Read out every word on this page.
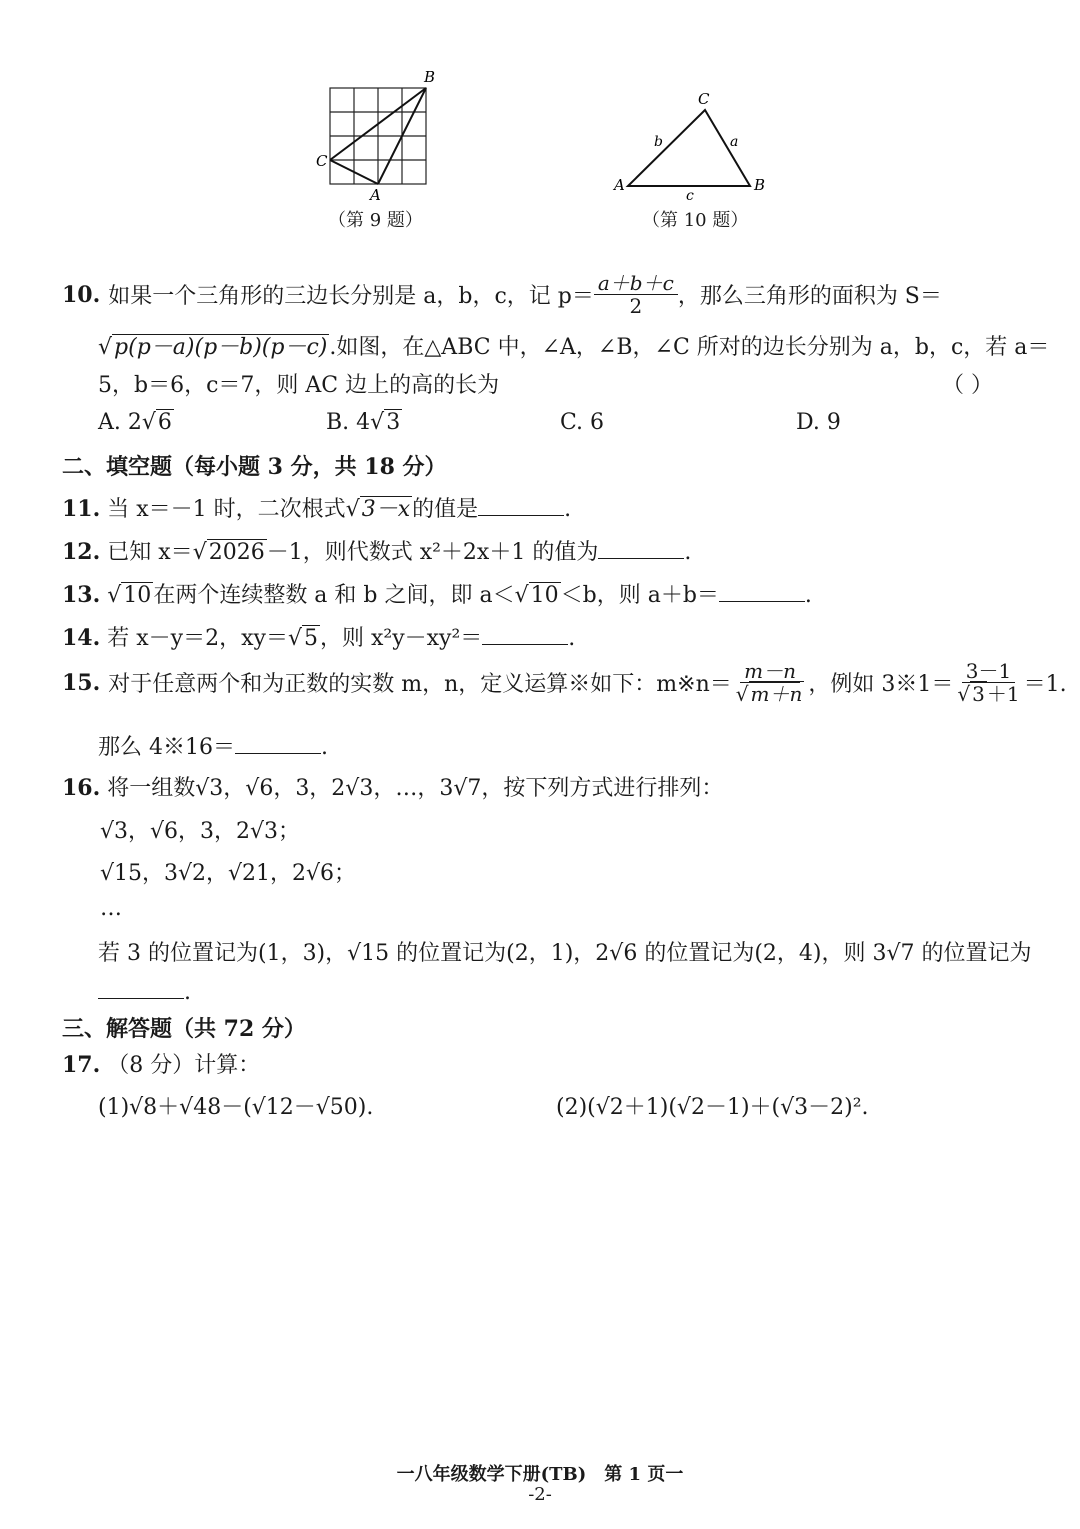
B
C
A
（第 9 题）
C
A	B
b	a
c
（第 10 题）
10. 如果一个三角形的三边长分别是 a，b，c，记 $p= \frac{a+b+c}{2}$ ，那么三角形的面积为 S＝
√p(p－a)(p－b)(p－c).如图，在△ABC 中，∠A，∠B，∠C 所对的边长分别为 a，b，c，若 a＝
5，b＝6，c＝7，则 AC 边上的高的长为	（ ）
A. 2√6	B. 4√3	C. 6	D. 9
二、填空题（每小题 3 分，共 18 分）
11. 当 x＝－1 时，二次根式√3－x的值是	.
12. 已知 x＝√2026－1，则代数式 x²＋2x＋1 的值为	.
13. √10在两个连续整数 a 和 b 之间，即 a＜√10＜b，则 a＋b＝	.
14. 若 x－y＝2，xy＝√5，则 x²y－xy²＝	.
15. 对于任意两个和为正数的实数 m，n，定义运算※如下：m※n＝ $\frac{m-n}{√ m+n}$ ，例如 3※1＝ $\frac{3-1}{√ 3 +1} =1$.
那么 4※16＝	.
16. 将一组数√3，√6，3，2√3，…，3√7，按下列方式进行排列：
√3，√6，3，2√3；
√15，3√2，√21，2√6；
…
若 3 的位置记为(1，3)，√15 的位置记为(2，1)，2√6 的位置记为(2，4)，则 3√7 的位置记为
.
三、解答题（共 72 分）
17. （8 分）计算：
(1)√8＋√48－(√12－√50).	(2)(√2＋1)(√2－1)＋(√3－2)².
一八年级数学下册(TB)　第 1 页一
-2-
